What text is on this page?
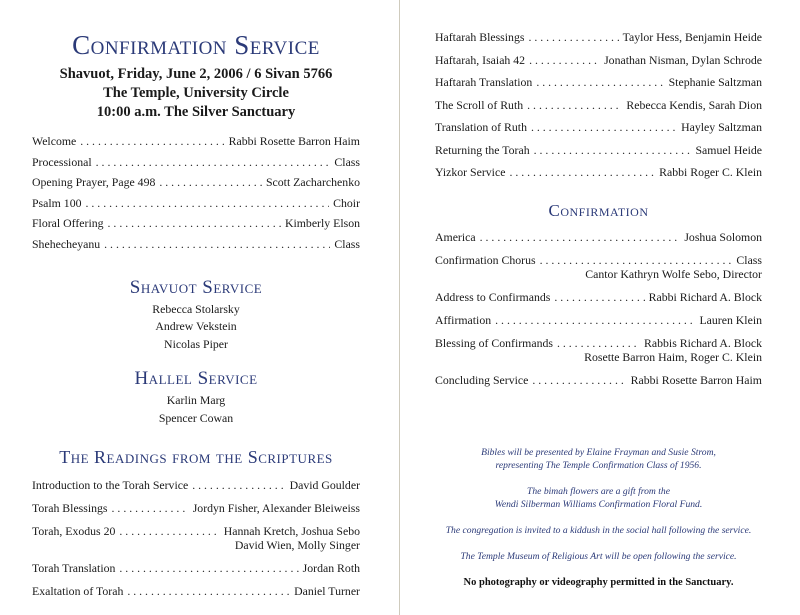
Confirmation Service
Shavuot, Friday, June 2, 2006 / 6 Sivan 5766
The Temple, University Circle
10:00 a.m. The Silver Sanctuary
Welcome . . .	Rabbi Rosette Barron Haim
Processional . . .	Class
Opening Prayer, Page 498 . . .	Scott Zacharchenko
Psalm 100 . . .	Choir
Floral Offering . . .	Kimberly Elson
Shehecheyanu . . .	Class
Shavuot Service
Rebecca Stolarsky
Andrew Vekstein
Nicolas Piper
Hallel Service
Karlin Marg
Spencer Cowan
The Readings from the Scriptures
Introduction to the Torah Service . . .	David Goulder
Torah Blessings . . .	Jordyn Fisher, Alexander Bleiweiss
Torah, Exodus 20 . . .	Hannah Kretch, Joshua Sebo
David Wien, Molly Singer
Torah Translation . . .	Jordan Roth
Exaltation of Torah . . .	Daniel Turner
Haftarah Blessings . . .	Taylor Hess, Benjamin Heide
Haftarah, Isaiah 42 . . .	Jonathan Nisman, Dylan Schrode
Haftarah Translation . . .	Stephanie Saltzman
The Scroll of Ruth . . .	Rebecca Kendis, Sarah Dion
Translation of Ruth . . .	Hayley Saltzman
Returning the Torah . . .	Samuel Heide
Yizkor Service . . .	Rabbi Roger C. Klein
Confirmation
America . . .	Joshua Solomon
Confirmation Chorus . . .	Class
Cantor Kathryn Wolfe Sebo, Director
Address to Confirmands . . .	Rabbi Richard A. Block
Affirmation . . .	Lauren Klein
Blessing of Confirmands . . .	Rabbis Richard A. Block
Rosette Barron Haim, Roger C. Klein
Concluding Service . . .	Rabbi Rosette Barron Haim

Bibles will be presented by Elaine Frayman and Susie Strom,

representing The Temple Confirmation Class of 1956.

The bimah flowers are a gift from the

Wendi Silberman Williams Confirmation Floral Fund.

The congregation is invited to a kiddush in the social hall following the service.

The Temple Museum of Religious Art will be open following the service.

No photography or videography permitted in the Sanctuary.
